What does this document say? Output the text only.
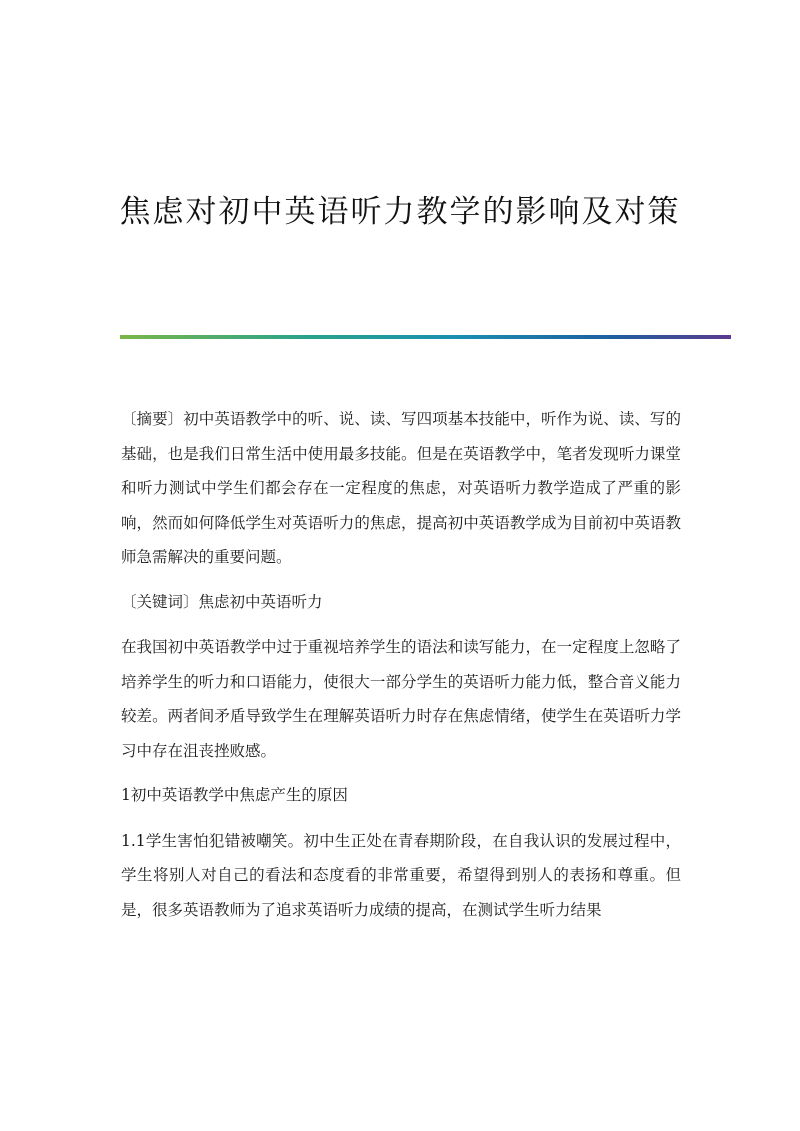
焦虑对初中英语听力教学的影响及对策

〔摘要〕初中英语教学中的听、说、读、写四项基本技能中，听作为说、读、写的基础，也是我们日常生活中使用最多技能。但是在英语教学中，笔者发现听力课堂和听力测试中学生们都会存在一定程度的焦虑，对英语听力教学造成了严重的影响，然而如何降低学生对英语听力的焦虑，提高初中英语教学成为目前初中英语教师急需解决的重要问题。

〔关键词〕焦虑初中英语听力

在我国初中英语教学中过于重视培养学生的语法和读写能力，在一定程度上忽略了培养学生的听力和口语能力，使很大一部分学生的英语听力能力低，整合音义能力较差。两者间矛盾导致学生在理解英语听力时存在焦虑情绪，使学生在英语听力学习中存在沮丧挫败感。

1初中英语教学中焦虑产生的原因

1.1学生害怕犯错被嘲笑。初中生正处在青春期阶段，在自我认识的发展过程中，学生将别人对自己的看法和态度看的非常重要，希望得到别人的表扬和尊重。但是，很多英语教师为了追求英语听力成绩的提高，在测试学生听力结果
